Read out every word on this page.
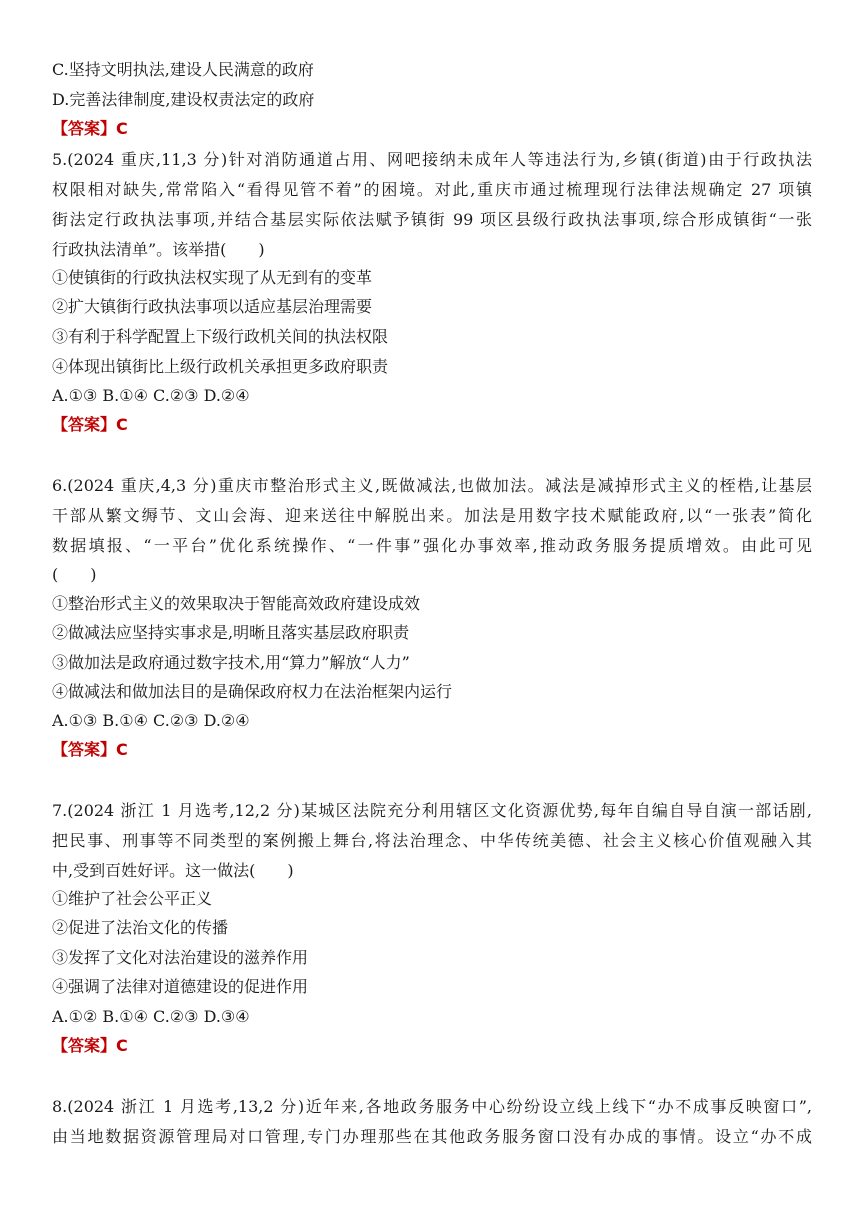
C.坚持文明执法,建设人民满意的政府
D.完善法律制度,建设权责法定的政府
【答案】C
5.(2024 重庆,11,3 分)针对消防通道占用、网吧接纳未成年人等违法行为,乡镇(街道)由于行政执法
权限相对缺失,常常陷入“看得见管不着”的困境。对此,重庆市通过梳理现行法律法规确定 27 项镇
街法定行政执法事项,并结合基层实际依法赋予镇街 99 项区县级行政执法事项,综合形成镇街“一张
行政执法清单”。该举措(　　)
①使镇街的行政执法权实现了从无到有的变革
②扩大镇街行政执法事项以适应基层治理需要
③有利于科学配置上下级行政机关间的执法权限
④体现出镇街比上级行政机关承担更多政府职责
A.①③ B.①④ C.②③ D.②④
【答案】C
6.(2024 重庆,4,3 分)重庆市整治形式主义,既做减法,也做加法。减法是减掉形式主义的桎梏,让基层
干部从繁文缛节、文山会海、迎来送往中解脱出来。加法是用数字技术赋能政府,以“一张表”简化
数据填报、“一平台”优化系统操作、“一件事”强化办事效率,推动政务服务提质增效。由此可见
(　　)
①整治形式主义的效果取决于智能高效政府建设成效
②做减法应坚持实事求是,明晰且落实基层政府职责
③做加法是政府通过数字技术,用“算力”解放“人力”
④做减法和做加法目的是确保政府权力在法治框架内运行
A.①③ B.①④ C.②③ D.②④
【答案】C
7.(2024 浙江 1 月选考,12,2 分)某城区法院充分利用辖区文化资源优势,每年自编自导自演一部话剧,
把民事、刑事等不同类型的案例搬上舞台,将法治理念、中华传统美德、社会主义核心价值观融入其
中,受到百姓好评。这一做法(　　)
①维护了社会公平正义
②促进了法治文化的传播
③发挥了文化对法治建设的滋养作用
④强调了法律对道德建设的促进作用
A.①② B.①④ C.②③ D.③④
【答案】C
8.(2024 浙江 1 月选考,13,2 分)近年来,各地政务服务中心纷纷设立线上线下“办不成事反映窗口”,
由当地数据资源管理局对口管理,专门办理那些在其他政务服务窗口没有办成的事情。设立“办不成
